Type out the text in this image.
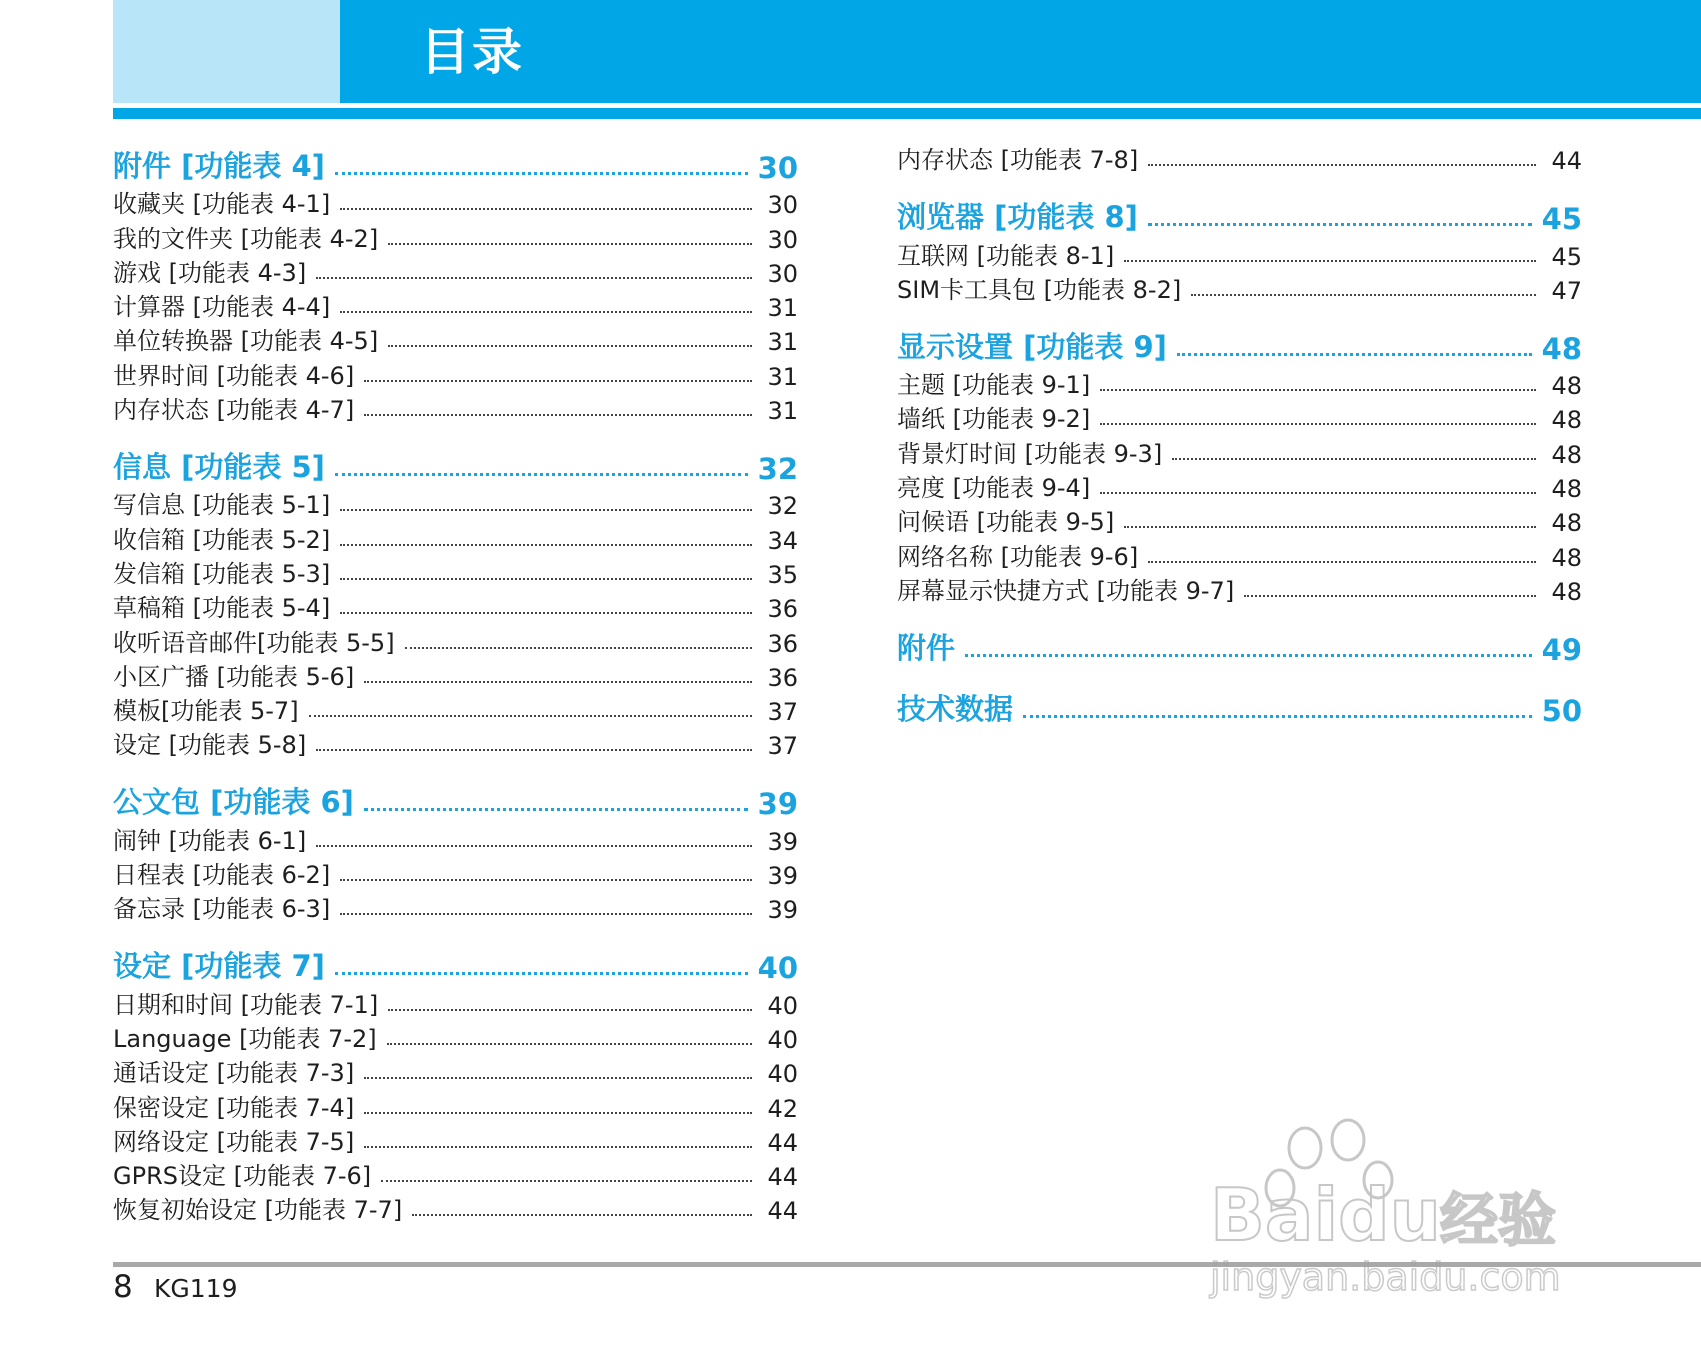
目录
附件 [功能表 4]	30
收藏夹 [功能表 4-1]	30
我的文件夹 [功能表 4-2]	30
游戏 [功能表 4-3]	30
计算器 [功能表 4-4]	31
单位转换器 [功能表 4-5]	31
世界时间 [功能表 4-6]	31
内存状态 [功能表 4-7]	31
信息 [功能表 5]	32
写信息 [功能表 5-1]	32
收信箱 [功能表 5-2]	34
发信箱 [功能表 5-3]	35
草稿箱 [功能表 5-4]	36
收听语音邮件[功能表 5-5]	36
小区广播 [功能表 5-6]	36
模板[功能表 5-7]	37
设定 [功能表 5-8]	37
公文包 [功能表 6]	39
闹钟 [功能表 6-1]	39
日程表 [功能表 6-2]	39
备忘录 [功能表 6-3]	39
设定 [功能表 7]	40
日期和时间 [功能表 7-1]	40
Language [功能表 7-2]	40
通话设定 [功能表 7-3]	40
保密设定 [功能表 7-4]	42
网络设定 [功能表 7-5]	44
GPRS设定 [功能表 7-6]	44
恢复初始设定 [功能表 7-7]	44
内存状态 [功能表 7-8]	44
浏览器 [功能表 8]	45
互联网 [功能表 8-1]	45
SIM卡工具包 [功能表 8-2]	47
显示设置 [功能表 9]	48
主题 [功能表 9-1]	48
墙纸 [功能表 9-2]	48
背景灯时间 [功能表 9-3]	48
亮度 [功能表 9-4]	48
问候语 [功能表 9-5]	48
网络名称 [功能表 9-6]	48
屏幕显示快捷方式 [功能表 9-7]	48
附件	49
技术数据	50
8 KG119
Baidu 经验
jingyan.baidu.com
